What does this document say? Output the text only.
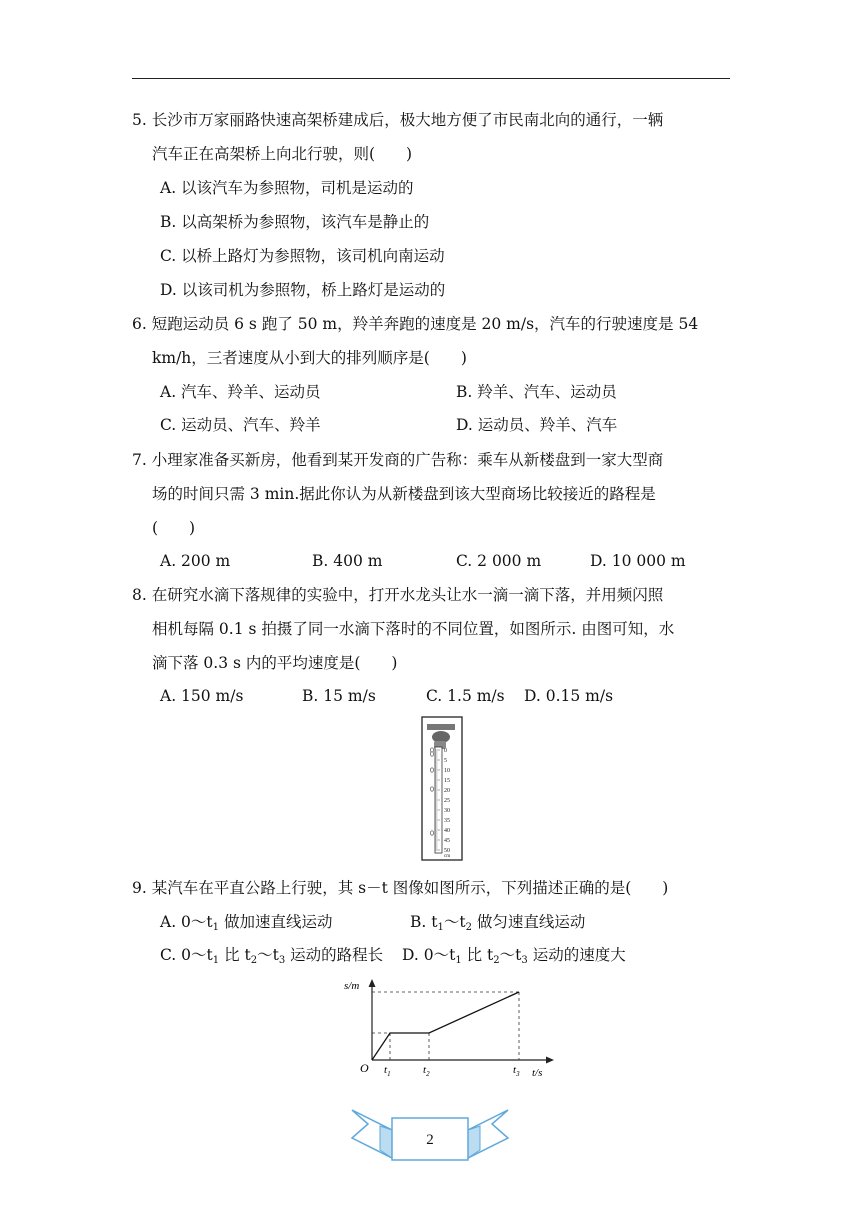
5. 长沙市万家丽路快速高架桥建成后，极大地方便了市民南北向的通行，一辆
汽车正在高架桥上向北行驶，则(　　)
A. 以该汽车为参照物，司机是运动的
B. 以高架桥为参照物，该汽车是静止的
C. 以桥上路灯为参照物，该司机向南运动
D. 以该司机为参照物，桥上路灯是运动的
6. 短跑运动员 6 s 跑了 50 m，羚羊奔跑的速度是 20 m/s，汽车的行驶速度是 54
km/h，三者速度从小到大的排列顺序是(　　)
A. 汽车、羚羊、运动员	B. 羚羊、汽车、运动员
C. 运动员、汽车、羚羊	D. 运动员、羚羊、汽车
7. 小理家准备买新房，他看到某开发商的广告称：乘车从新楼盘到一家大型商
场的时间只需 3 min.据此你认为从新楼盘到该大型商场比较接近的路程是
(　　)
A. 200 m	B. 400 m	C. 2 000 m	D. 10 000 m
8. 在研究水滴下落规律的实验中，打开水龙头让水一滴一滴下落，并用频闪照
相机每隔 0.1 s 拍摄了同一水滴下落时的不同位置，如图所示. 由图可知，水
滴下落 0.3 s 内的平均速度是(　　)
A. 150 m/s	B. 15 m/s	C. 1.5 m/s D. 0.15 m/s
0
5
10
15
20
25
30
35
40
45
50
cm
9. 某汽车在平直公路上行驶，其 s－t 图像如图所示，下列描述正确的是(　　)
A. $0\sim t_1$ 做加速直线运动	B. $t_1\sim t_2$ 做匀速直线运动
C. $0\sim t_1$ 比 $t_2\sim t_3$ 运动的路程长 D. $0\sim t_1$ 比 $t_2\sim t_3$ 运动的速度大
s/m
O $t_1$	$t_2$	$t_3$ t/s
2
